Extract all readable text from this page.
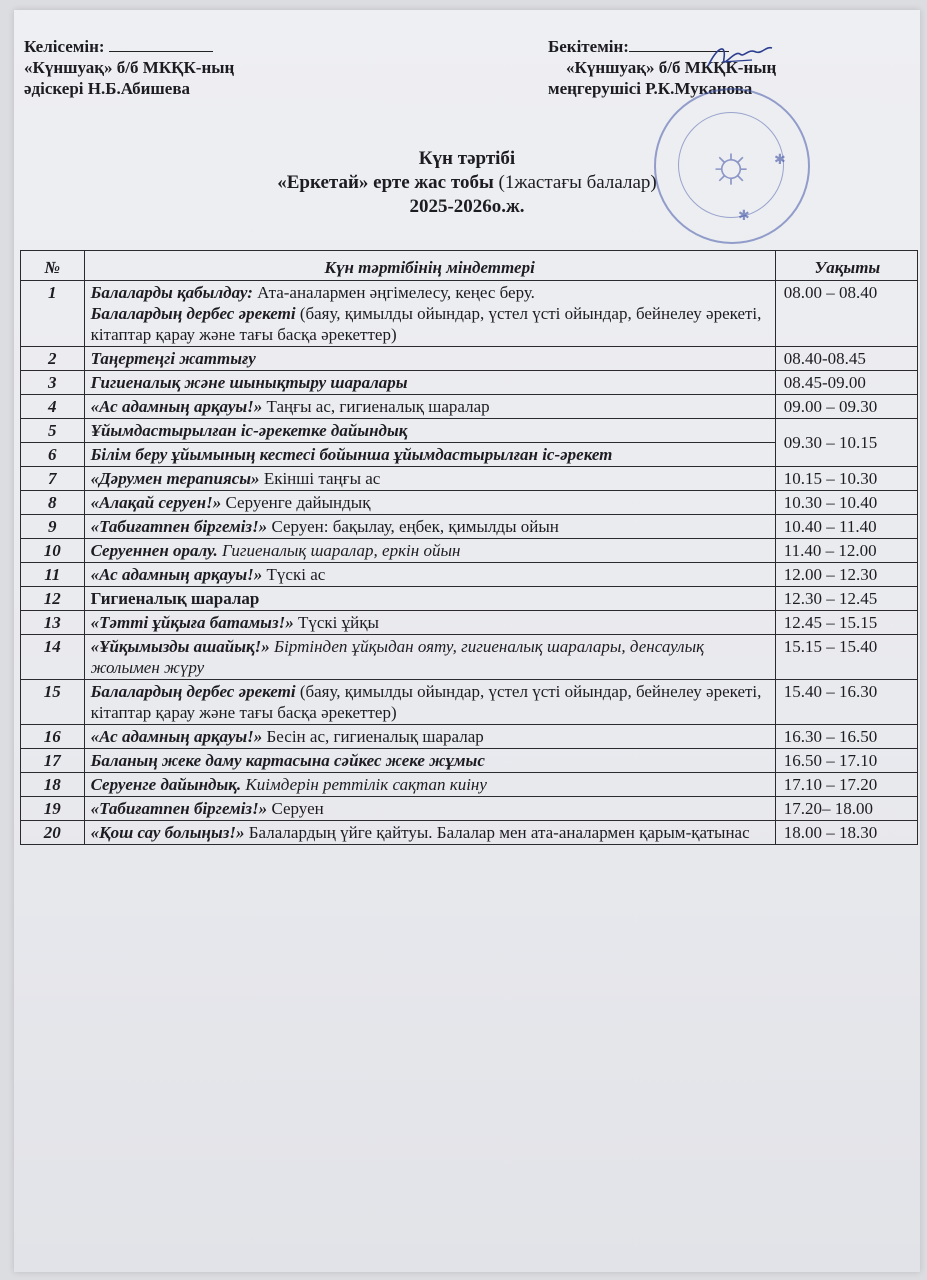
Келісемін:
«Күншуақ» б/б МКҚК-ның
әдіскері Н.Б.Абишева
Бекітемін:
«Күншуақ» б/б МКҚК-ның
меңгерушісі Р.К.Муканова
☼
✱
✱
Күн тәртібі
«Еркетай» ерте жас тобы (1жастағы балалар)
2025-2026о.ж.
№	Күн тәртібінің міндеттері	Уақыты
1	Балаларды қабылдау: Ата-аналармен әңгімелесу, кеңес беру.
Балалардың дербес әрекеті (баяу, қимылды ойындар, үстел үсті ойындар, бейнелеу әрекеті, кітаптар қарау және тағы басқа әрекеттер)	08.00 – 08.40
2	Таңертеңгі жаттығу	08.40-08.45
3	Гигиеналық және шынықтыру шаралары	08.45-09.00
4	«Ас адамның арқауы!» Таңғы ас, гигиеналық шаралар	09.00 – 09.30
5	Ұйымдастырылған іс-әрекетке дайындық	09.30 – 10.15
6	Білім беру ұйымының кестесі бойынша ұйымдастырылған іс-әрекет	
7	«Дәрумен терапиясы» Екінші таңғы ас	10.15 – 10.30
8	«Алақай серуен!» Серуенге дайындық	10.30 – 10.40
9	«Табиғатпен біргеміз!» Серуен: бақылау, еңбек, қимылды ойын	10.40 – 11.40
10	Серуеннен оралу. Гигиеналық шаралар, еркін ойын	11.40 – 12.00
11	«Ас адамның арқауы!» Түскі ас	12.00 – 12.30
12	Гигиеналық шаралар	12.30 – 12.45
13	«Тәтті ұйқыға батамыз!» Түскі ұйқы	12.45 – 15.15
14	«Ұйқымызды ашайық!» Біртіндеп ұйқыдан ояту, гигиеналық шаралары, денсаулық жолымен жүру	15.15 – 15.40
15	Балалардың дербес әрекеті (баяу, қимылды ойындар, үстел үсті ойындар, бейнелеу әрекеті, кітаптар қарау және тағы басқа әрекеттер)	15.40 – 16.30
16	«Ас адамның арқауы!» Бесін ас, гигиеналық шаралар	16.30 – 16.50
17	Баланың жеке даму картасына сәйкес жеке жұмыс	16.50 – 17.10
18	Серуенге дайындық. Киімдерін реттілік сақтап киіну	17.10 – 17.20
19	«Табиғатпен біргеміз!» Серуен	17.20– 18.00
20	«Қош сау болыңыз!» Балалардың үйге қайтуы. Балалар мен ата-аналармен қарым-қатынас	18.00 – 18.30
